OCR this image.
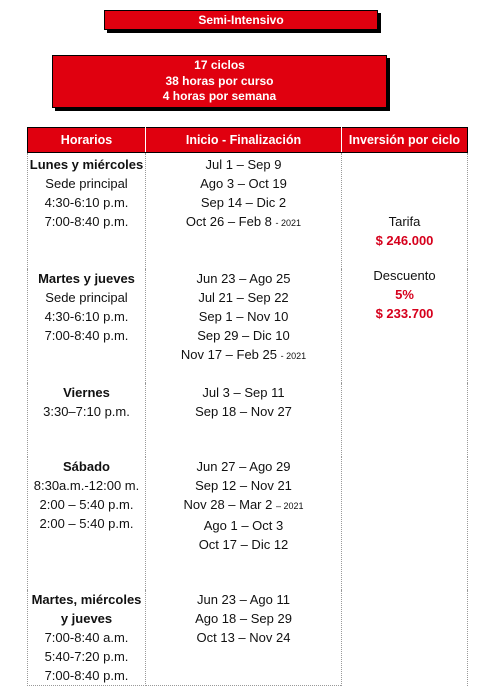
Semi-Intensivo
17 ciclos
38 horas por curso
4 horas por semana
Horarios	Inicio - Finalización	Inversión por ciclo

Lunes y miércoles
Sede principal
4:30-6:10 p.m.
7:00-8:40 p.m.	Jul 1 – Sep 9
Ago 3 – Oct 19
Sep 14 – Dic 2
Oct 26 – Feb 8 - 2021	Tarifa
$ 246.000
Descuento
5%
$ 233.700

Martes y jueves
Sede principal
4:30-6:10 p.m.
7:00-8:40 p.m.	Jun 23 – Ago 25
Jul 21 – Sep 22
Sep 1 – Nov 10
Sep 29 – Dic 10
Nov 17 – Feb 25 - 2021	

Viernes
3:30–7:10 p.m.	Jul 3 – Sep 11
Sep 18 – Nov 27	

Sábado
8:30a.m.-12:00 m.
2:00 – 5:40 p.m.
2:00 – 5:40 p.m.	Jun 27 – Ago 29
Sep 12 – Nov 21
Nov 28 – Mar 2 – 2021
Ago 1 – Oct 3
Oct 17 – Dic 12	

Martes, miércoles y jueves
7:00-8:40 a.m.
5:40-7:20 p.m.
7:00-8:40 p.m.	Jun 23 – Ago 11
Ago 18 – Sep 29
Oct 13 – Nov 24	
